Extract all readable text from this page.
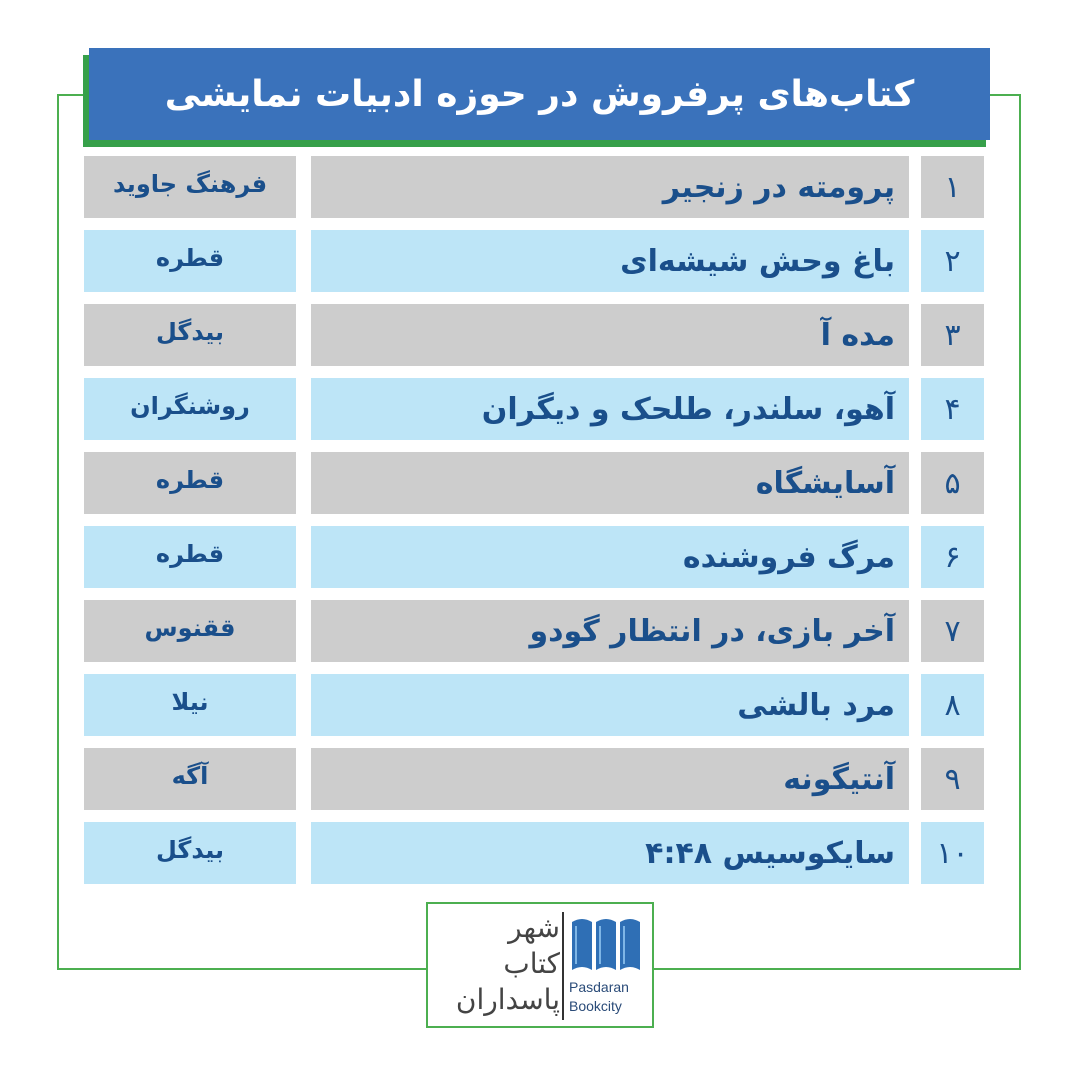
کتاب‌های پرفروش در حوزه ادبیات نمایشی
۱
پرومته در زنجیر
فرهنگ جاوید
۲
باغ وحش شیشه‌ای
قطره
۳
مده آ
بیدگل
۴
آهو، سلندر، طلحک و دیگران
روشنگران
۵
آسایشگاه
قطره
۶
مرگ فروشنده
قطره
۷
آخر بازی، در انتظار گودو
ققنوس
۸
مرد بالشی
نیلا
۹
آنتیگونه
آگه
۱۰
سایکوسیس ۴:۴۸
بیدگل
شهر
کتاب
پاسداران Pasdaran
Bookcity
